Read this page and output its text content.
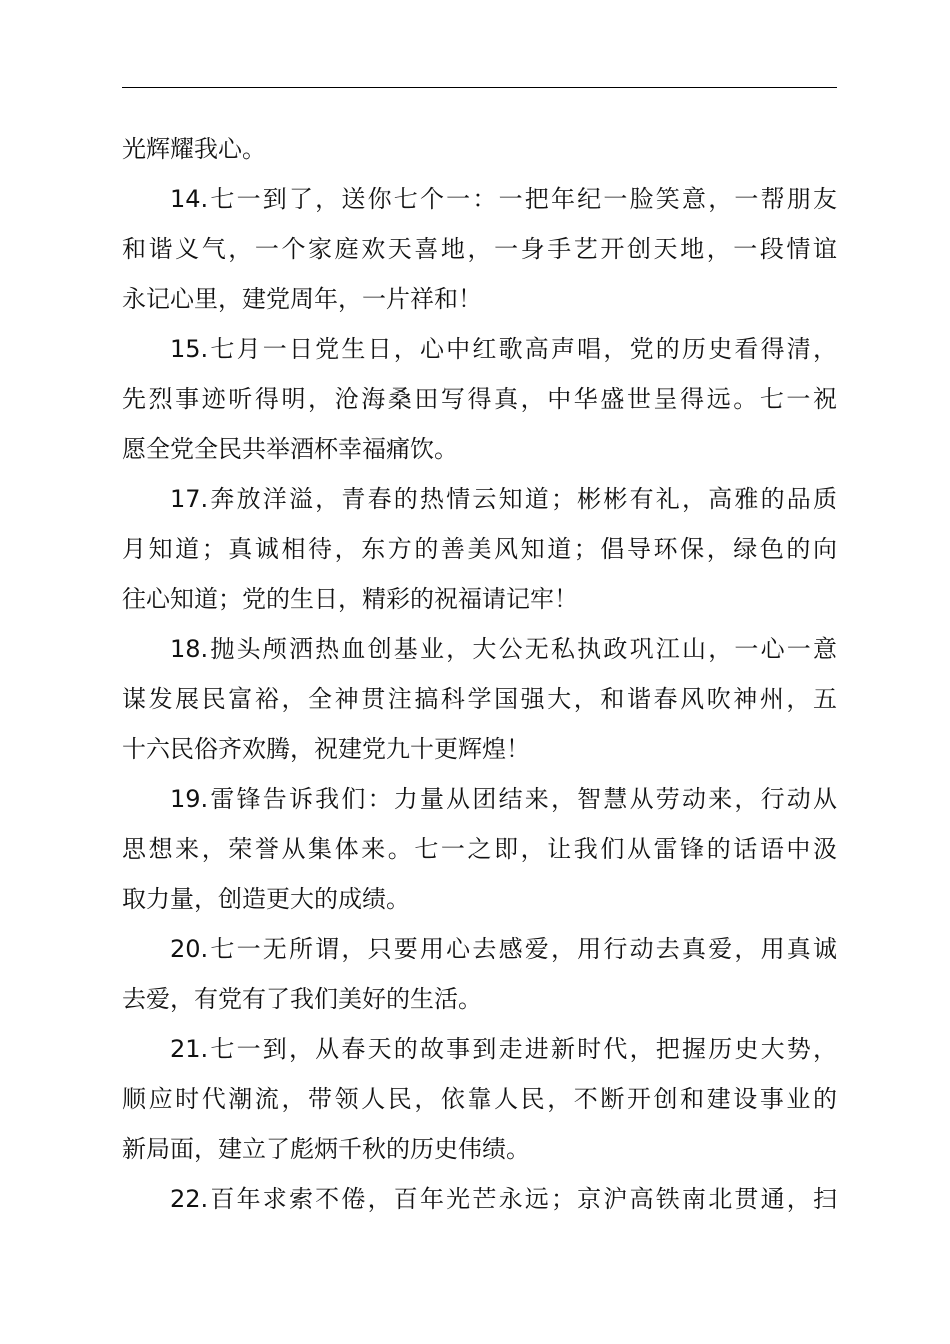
光辉耀我心。
14.七一到了，送你七个一：一把年纪一脸笑意，一帮朋友
和谐义气，一个家庭欢天喜地，一身手艺开创天地，一段情谊
永记心里，建党周年，一片祥和！
15.七月一日党生日，心中红歌高声唱，党的历史看得清，
先烈事迹听得明，沧海桑田写得真，中华盛世呈得远。七一祝
愿全党全民共举酒杯幸福痛饮。
17.奔放洋溢，青春的热情云知道；彬彬有礼，高雅的品质
月知道；真诚相待，东方的善美风知道；倡导环保，绿色的向
往心知道；党的生日，精彩的祝福请记牢！
18.抛头颅洒热血创基业，大公无私执政巩江山，一心一意
谋发展民富裕，全神贯注搞科学国强大，和谐春风吹神州，五
十六民俗齐欢腾，祝建党九十更辉煌！
19.雷锋告诉我们：力量从团结来，智慧从劳动来，行动从
思想来，荣誉从集体来。七一之即，让我们从雷锋的话语中汲
取力量，创造更大的成绩。
20.七一无所谓，只要用心去感爱，用行动去真爱，用真诚
去爱，有党有了我们美好的生活。
21.七一到，从春天的故事到走进新时代，把握历史大势，
顺应时代潮流，带领人民，依靠人民，不断开创和建设事业的
新局面，建立了彪炳千秋的历史伟绩。
22.百年求索不倦，百年光芒永远；京沪高铁南北贯通，扫
